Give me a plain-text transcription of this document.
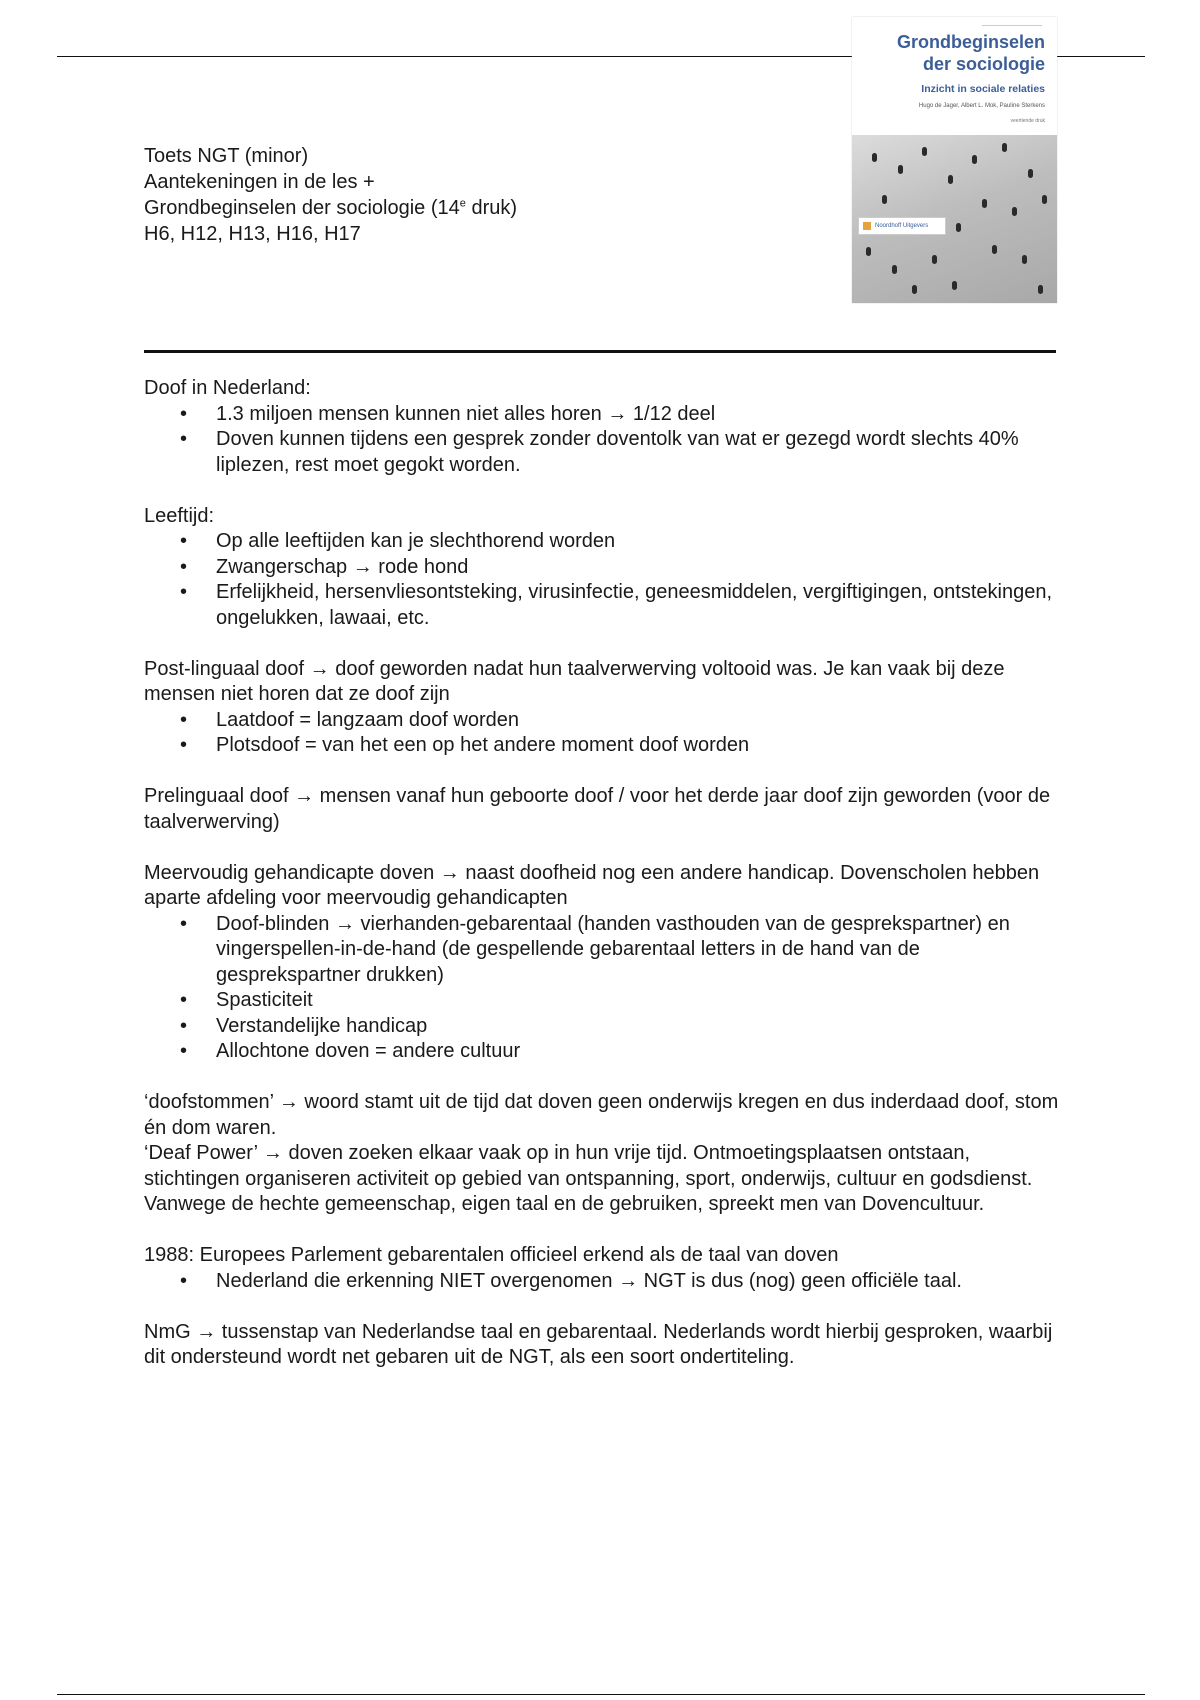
Grondbeginselen
der sociologie
Inzicht in sociale relaties
Hugo de Jager, Albert L. Mok, Pauline Sterkens
veertiende druk
Noordhoff Uitgevers
Toets NGT (minor)
Aantekeningen in de les +
Grondbeginselen der sociologie (14e druk)
H6, H12, H13, H16, H17

Doof in Nederland:

• 1.3 miljoen mensen kunnen niet alles horen → 1/12 deel
• Doven kunnen tijdens een gesprek zonder doventolk van wat er gezegd wordt slechts 40% liplezen, rest moet gegokt worden.

Leeftijd:

• Op alle leeftijden kan je slechthorend worden
• Zwangerschap → rode hond
• Erfelijkheid, hersenvliesontsteking, virusinfectie, geneesmiddelen, vergiftigingen, ontstekingen, ongelukken, lawaai, etc.

Post-linguaal doof → doof geworden nadat hun taalverwerving voltooid was. Je kan vaak bij deze mensen niet horen dat ze doof zijn

• Laatdoof = langzaam doof worden
• Plotsdoof = van het een op het andere moment doof worden

Prelinguaal doof → mensen vanaf hun geboorte doof / voor het derde jaar doof zijn geworden (voor de taalverwerving)

Meervoudig gehandicapte doven → naast doofheid nog een andere handicap. Dovenscholen hebben aparte afdeling voor meervoudig gehandicapten

• Doof-blinden → vierhanden-gebarentaal (handen vasthouden van de gesprekspartner) en vingerspellen-in-de-hand (de gespellende gebarentaal letters in de hand van de gesprekspartner drukken)
• Spasticiteit
• Verstandelijke handicap
• Allochtone doven = andere cultuur

‘doofstommen’ → woord stamt uit de tijd dat doven geen onderwijs kregen en dus inderdaad doof, stom én dom waren.

‘Deaf Power’ → doven zoeken elkaar vaak op in hun vrije tijd. Ontmoetingsplaatsen ontstaan, stichtingen organiseren activiteit op gebied van ontspanning, sport, onderwijs, cultuur en godsdienst. Vanwege de hechte gemeenschap, eigen taal en de gebruiken, spreekt men van Dovencultuur.

1988: Europees Parlement gebarentalen officieel erkend als de taal van doven

• Nederland die erkenning NIET overgenomen → NGT is dus (nog) geen officiële taal.

NmG → tussenstap van Nederlandse taal en gebarentaal. Nederlands wordt hierbij gesproken, waarbij dit ondersteund wordt net gebaren uit de NGT, als een soort ondertiteling.
